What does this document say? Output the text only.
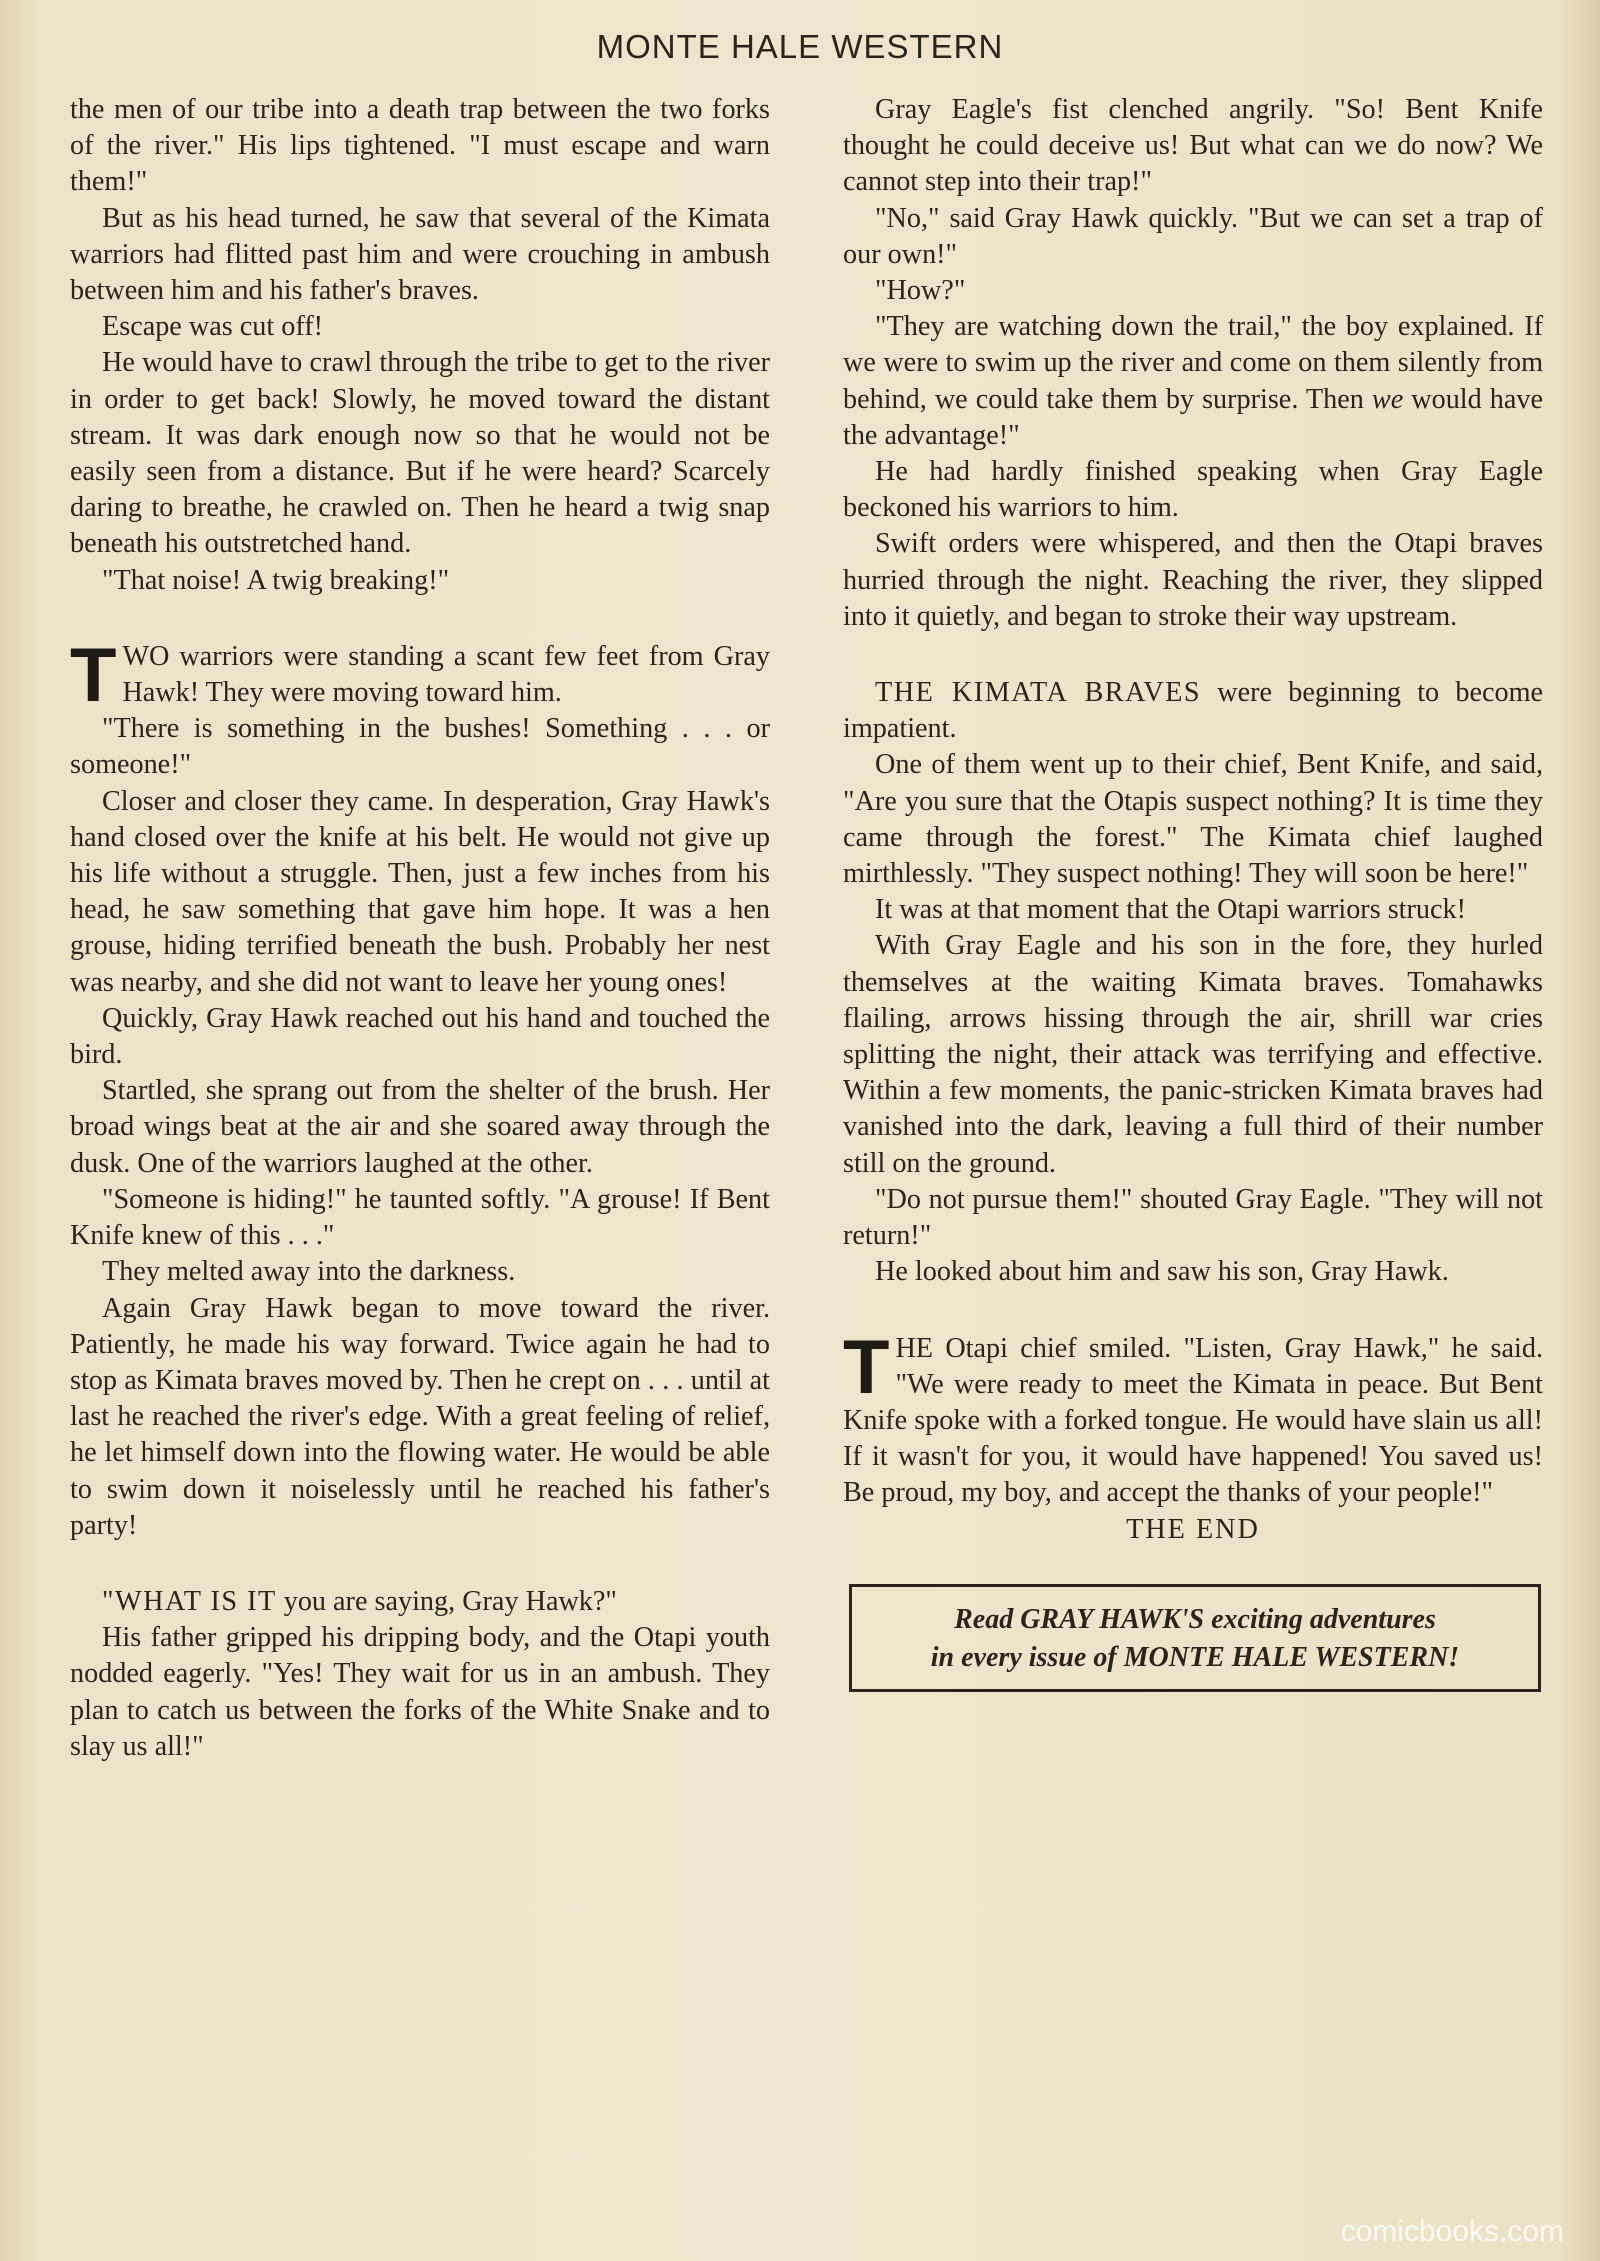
MONTE HALE WESTERN

the men of our tribe into a death trap between the two forks of the river." His lips tightened. "I must escape and warn them!"

But as his head turned, he saw that several of the Kimata warriors had flitted past him and were crouching in ambush between him and his father's braves.

Escape was cut off!

He would have to crawl through the tribe to get to the river in order to get back! Slowly, he moved toward the distant stream. It was dark enough now so that he would not be easily seen from a distance. But if he were heard? Scarcely daring to breathe, he crawled on. Then he heard a twig snap beneath his outstretched hand.

"That noise! A twig breaking!"

TWO warriors were standing a scant few feet from Gray Hawk! They were moving toward him.

"There is something in the bushes! Something . . . or someone!"

Closer and closer they came. In desperation, Gray Hawk's hand closed over the knife at his belt. He would not give up his life without a struggle. Then, just a few inches from his head, he saw something that gave him hope. It was a hen grouse, hiding terrified beneath the bush. Probably her nest was nearby, and she did not want to leave her young ones!

Quickly, Gray Hawk reached out his hand and touched the bird.

Startled, she sprang out from the shelter of the brush. Her broad wings beat at the air and she soared away through the dusk. One of the warriors laughed at the other.

"Someone is hiding!" he taunted softly. "A grouse! If Bent Knife knew of this . . ."

They melted away into the darkness.

Again Gray Hawk began to move toward the river. Patiently, he made his way forward. Twice again he had to stop as Kimata braves moved by. Then he crept on . . . until at last he reached the river's edge. With a great feeling of relief, he let himself down into the flowing water. He would be able to swim down it noiselessly until he reached his father's party!

"WHAT IS IT you are saying, Gray Hawk?"

His father gripped his dripping body, and the Otapi youth nodded eagerly. "Yes! They wait for us in an ambush. They plan to catch us between the forks of the White Snake and to slay us all!"

Gray Eagle's fist clenched angrily. "So! Bent Knife thought he could deceive us! But what can we do now? We cannot step into their trap!"

"No," said Gray Hawk quickly. "But we can set a trap of our own!"

"How?"

"They are watching down the trail," the boy explained. If we were to swim up the river and come on them silently from behind, we could take them by surprise. Then we would have the advantage!"

He had hardly finished speaking when Gray Eagle beckoned his warriors to him.

Swift orders were whispered, and then the Otapi braves hurried through the night. Reaching the river, they slipped into it quietly, and began to stroke their way upstream.

THE KIMATA BRAVES were beginning to become impatient.

One of them went up to their chief, Bent Knife, and said, "Are you sure that the Otapis suspect nothing? It is time they came through the forest." The Kimata chief laughed mirthlessly. "They suspect nothing! They will soon be here!"

It was at that moment that the Otapi warriors struck!

With Gray Eagle and his son in the fore, they hurled themselves at the waiting Kimata braves. Tomahawks flailing, arrows hissing through the air, shrill war cries splitting the night, their attack was terrifying and effective. Within a few moments, the panic-stricken Kimata braves had vanished into the dark, leaving a full third of their number still on the ground.

"Do not pursue them!" shouted Gray Eagle. "They will not return!"

He looked about him and saw his son, Gray Hawk.

THE Otapi chief smiled. "Listen, Gray Hawk," he said. "We were ready to meet the Kimata in peace. But Bent Knife spoke with a forked tongue. He would have slain us all! If it wasn't for you, it would have happened! You saved us! Be proud, my boy, and accept the thanks of your people!"

THE END

Read GRAY HAWK'S exciting adventures
in every issue of MONTE HALE WESTERN!
comicbooks.com
